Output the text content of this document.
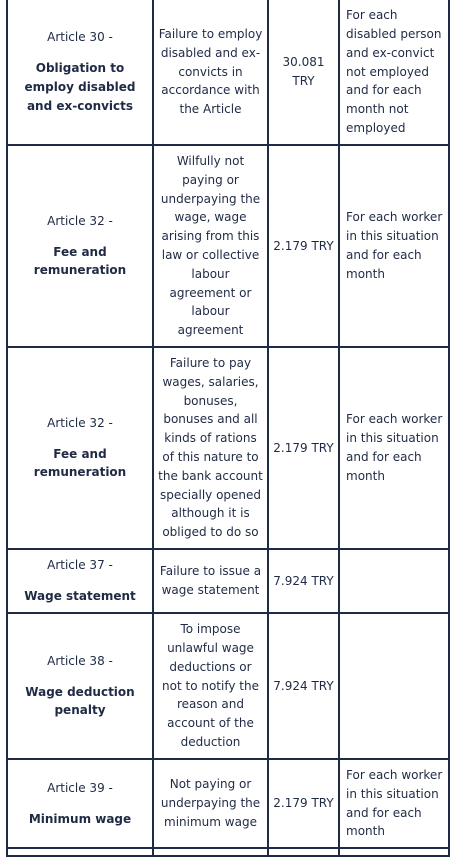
Article 30 -
Obligation to employ disabled and ex-convicts	Failure to employ disabled and ex-convicts in accordance with the Article	30.081 TRY	For each disabled person and ex-convict not employed and for each month not employed

Article 32 -
Fee and remuneration	Wilfully not paying or underpaying the wage, wage arising from this law or collective labour agreement or labour agreement	2.179 TRY	For each worker in this situation and for each month

Article 32 -
Fee and remuneration	Failure to pay wages, salaries, bonuses, bonuses and all kinds of rations of this nature to the bank account specially opened although it is obliged to do so	2.179 TRY	For each worker in this situation and for each month

Article 37 -
Wage statement	Failure to issue a wage statement	7.924 TRY	

Article 38 -
Wage deduction penalty	To impose unlawful wage deductions or not to notify the reason and account of the deduction	7.924 TRY	

Article 39 -
Minimum wage	Not paying or underpaying the minimum wage	2.179 TRY	For each worker in this situation and for each month
